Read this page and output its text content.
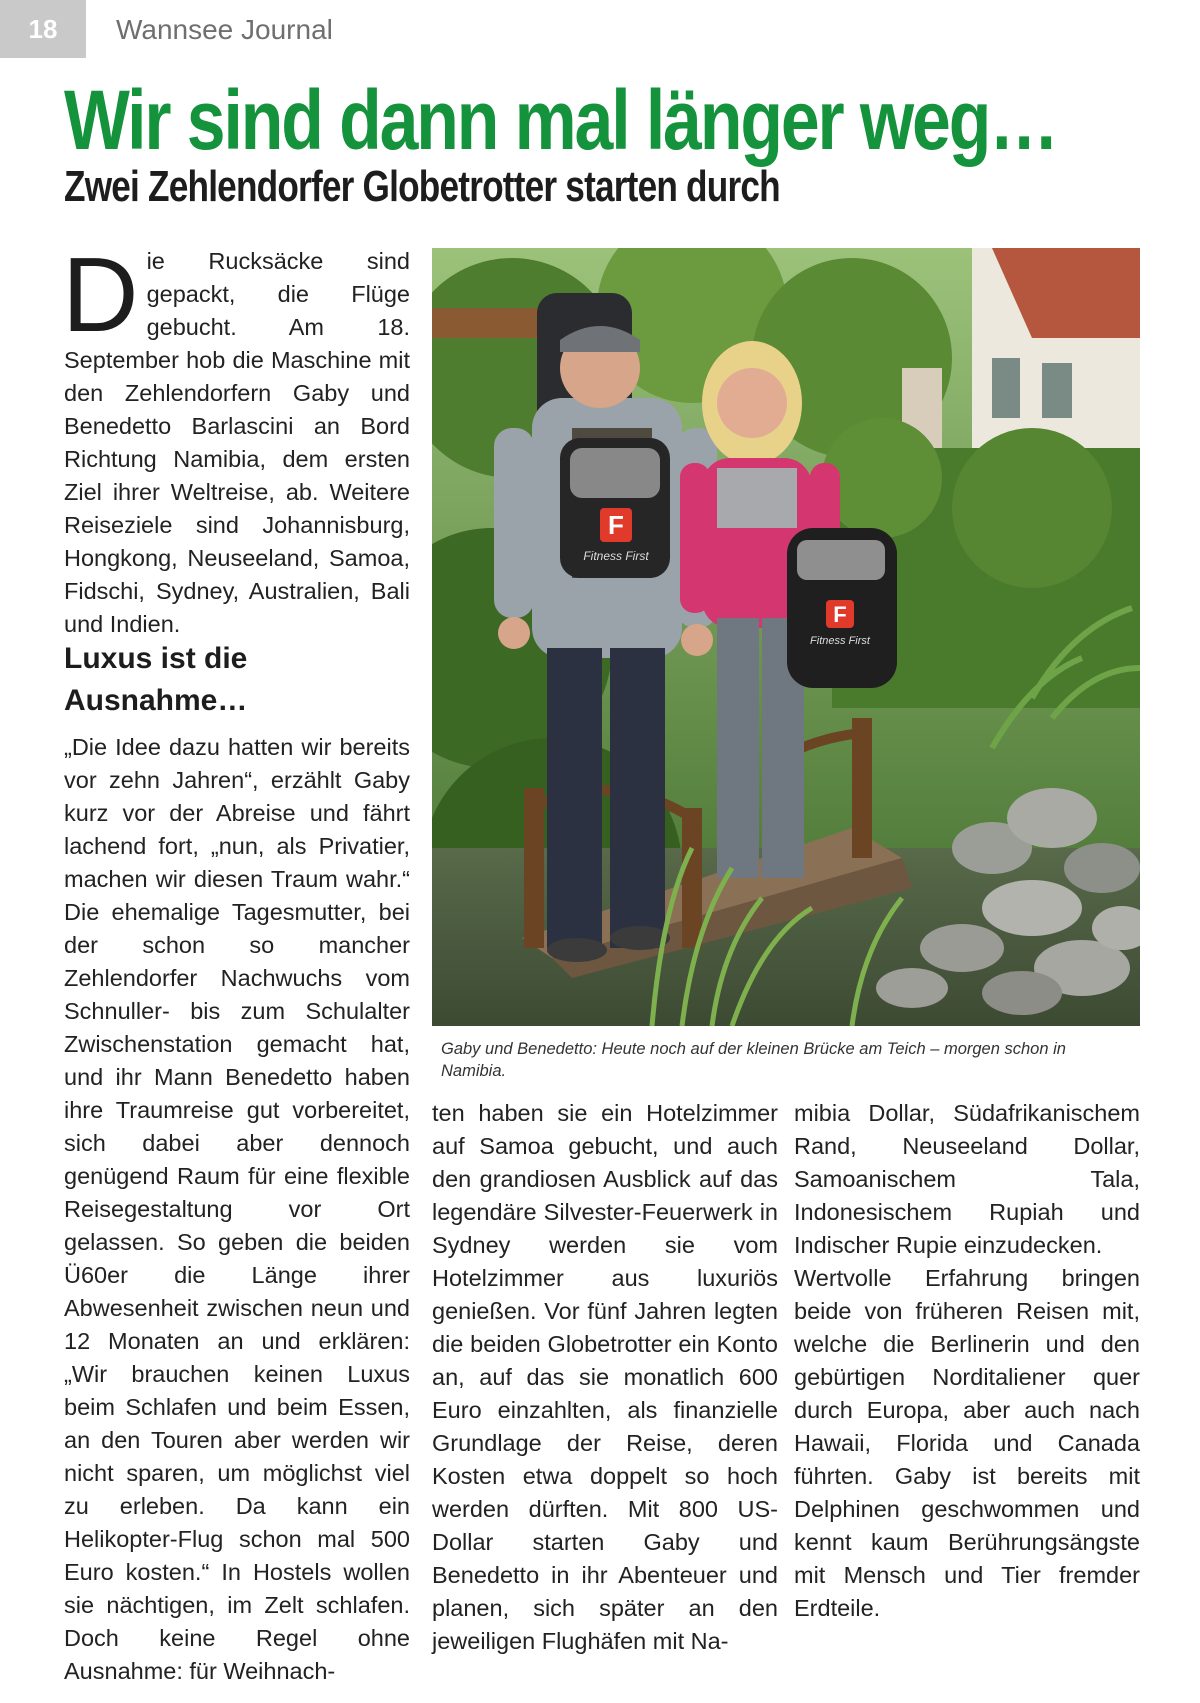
18	Wannsee Journal
Wir sind dann mal länger weg…
Zwei Zehlendorfer Globetrotter starten durch

Die Rucksäcke sind gepackt, die Flüge gebucht. Am 18. September hob die Maschine mit den Zehlendorfern Gaby und Benedetto Barlascini an Bord Richtung Namibia, dem ersten Ziel ihrer Weltreise, ab. Weitere Reiseziele sind Johannisburg, Hongkong, Neuseeland, Samoa, Fidschi, Sydney, Australien, Bali und Indien.

Luxus ist die Ausnahme…

„Die Idee dazu hatten wir bereits vor zehn Jahren“, erzählt Gaby kurz vor der Abreise und fährt lachend fort, „nun, als Privatier, machen wir diesen Traum wahr.“ Die ehemalige Tagesmutter, bei der schon so mancher Zehlendorfer Nachwuchs vom Schnuller- bis zum Schulalter Zwischenstation gemacht hat, und ihr Mann Benedetto haben ihre Traumreise gut vorbereitet, sich dabei aber dennoch genügend Raum für eine flexible Reisegestaltung vor Ort gelassen. So geben die beiden Ü60er die Länge ihrer Abwesenheit zwischen neun und 12 Monaten an und erklären: „Wir brauchen keinen Luxus beim Schlafen und beim Essen, an den Touren aber werden wir nicht sparen, um möglichst viel zu erleben. Da kann ein Helikopter-Flug schon mal 500 Euro kosten.“ In Hostels wollen sie nächtigen, im Zelt schlafen. Doch keine Regel ohne Ausnahme: für Weihnach-

F
Fitness First
F
Fitness First
Gaby und Benedetto: Heute noch auf der kleinen Brücke am Teich – morgen schon in Namibia.

ten haben sie ein Hotelzimmer auf Samoa gebucht, und auch den grandiosen Ausblick auf das legendäre Silvester-Feuerwerk in Sydney werden sie vom Hotelzimmer aus luxuriös genießen. Vor fünf Jahren legten die beiden Globetrotter ein Konto an, auf das sie monatlich 600 Euro einzahlten, als finanzielle Grundlage der Reise, deren Kosten etwa doppelt so hoch werden dürften. Mit 800 US-Dollar starten Gaby und Benedetto in ihr Abenteuer und planen, sich später an den jeweiligen Flughäfen mit Na-

mibia Dollar, Südafrikanischem Rand, Neuseeland Dollar, Samoanischem Tala, Indonesischem Rupiah und Indischer Rupie einzudecken.

Wertvolle Erfahrung bringen beide von früheren Reisen mit, welche die Berlinerin und den gebürtigen Norditaliener quer durch Europa, aber auch nach Hawaii, Florida und Canada führten. Gaby ist bereits mit Delphinen geschwommen und kennt kaum Berührungsängste mit Mensch und Tier fremder Erdteile.
